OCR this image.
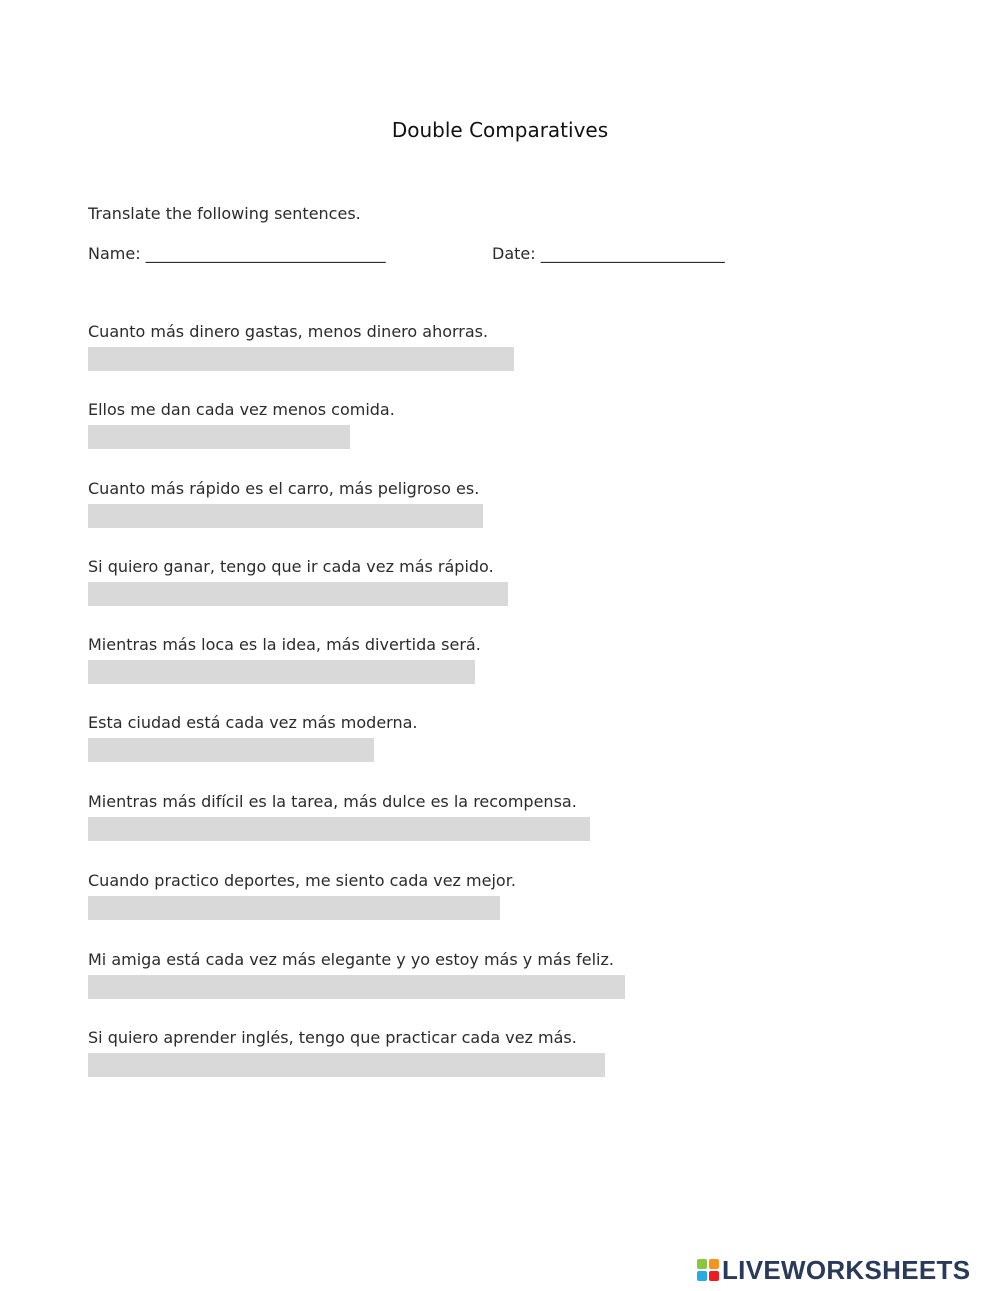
Double Comparatives
Translate the following sentences.
Name: ______________________________	Date: _______________________
Cuanto más dinero gastas, menos dinero ahorras.
Ellos me dan cada vez menos comida.
Cuanto más rápido es el carro, más peligroso es.
Si quiero ganar, tengo que ir cada vez más rápido.
Mientras más loca es la idea, más divertida será.
Esta ciudad está cada vez más moderna.
Mientras más difícil es la tarea, más dulce es la recompensa.
Cuando practico deportes, me siento cada vez mejor.
Mi amiga está cada vez más elegante y yo estoy más y más feliz.
Si quiero aprender inglés, tengo que practicar cada vez más.
LIVEWORKSHEETS
